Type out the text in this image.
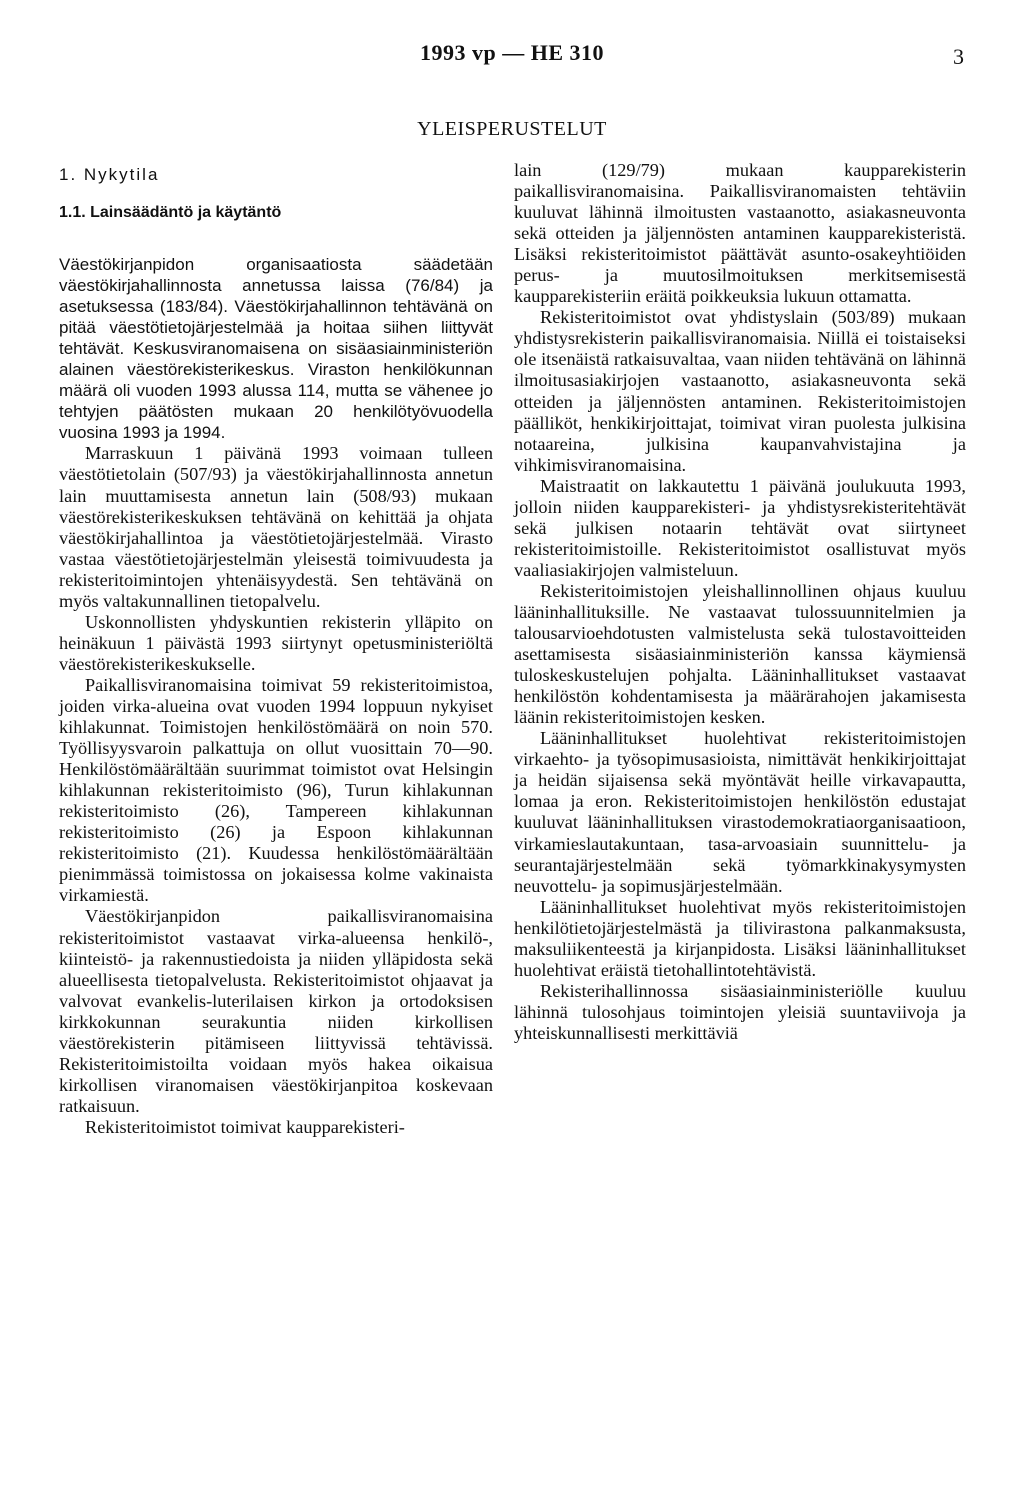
1993 vp — HE 310	3
YLEISPERUSTELUT

1. Nykytila

1.1. Lainsäädäntö ja käytäntö

Väestökirjanpidon organisaatiosta säädetään väestökirjahallinnosta annetussa laissa (76/84) ja asetuksessa (183/84). Väestökirjahallinnon tehtävänä on pitää väestötietojärjestelmää ja hoitaa siihen liittyvät tehtävät. Keskusviranomaisena on sisäasiainministeriön alainen väestörekisterikeskus. Viraston henkilökunnan määrä oli vuoden 1993 alussa 114, mutta se vähenee jo tehtyjen päätösten mukaan 20 henkilötyövuodella vuosina 1993 ja 1994.

Marraskuun 1 päivänä 1993 voimaan tulleen väestötietolain (507/93) ja väestökirjahallinnosta annetun lain muuttamisesta annetun lain (508/93) mukaan väestörekisterikeskuksen tehtävänä on kehittää ja ohjata väestökirjahallintoa ja väestötietojärjestelmää. Virasto vastaa väestötietojärjestelmän yleisestä toimivuudesta ja rekisteritoimintojen yhtenäisyydestä. Sen tehtävänä on myös valtakunnallinen tietopalvelu.

Uskonnollisten yhdyskuntien rekisterin ylläpito on heinäkuun 1 päivästä 1993 siirtynyt opetusministeriöltä väestörekisterikeskukselle.

Paikallisviranomaisina toimivat 59 rekisteritoimistoa, joiden virka-alueina ovat vuoden 1994 loppuun nykyiset kihlakunnat. Toimistojen henkilöstömäärä on noin 570. Työllisyysvaroin palkattuja on ollut vuosittain 70—90. Henkilöstömäärältään suurimmat toimistot ovat Helsingin kihlakunnan rekisteritoimisto (96), Turun kihlakunnan rekisteritoimisto (26), Tampereen kihlakunnan rekisteritoimisto (26) ja Espoon kihlakunnan rekisteritoimisto (21). Kuudessa henkilöstömäärältään pienimmässä toimistossa on jokaisessa kolme vakinaista virkamiestä.

Väestökirjanpidon paikallisviranomaisina rekisteritoimistot vastaavat virka-alueensa henkilö-, kiinteistö- ja rakennustiedoista ja niiden ylläpidosta sekä alueellisesta tietopalvelusta. Rekisteritoimistot ohjaavat ja valvovat evankelis-luterilaisen kirkon ja ortodoksisen kirkkokunnan seurakuntia niiden kirkollisen väestörekisterin pitämiseen liittyvissä tehtävissä. Rekisteritoimistoilta voidaan myös hakea oikaisua kirkollisen viranomaisen väestökirjanpitoa koskevaan ratkaisuun.

Rekisteritoimistot toimivat kaupparekisteri-

lain (129/79) mukaan kaupparekisterin paikallisviranomaisina. Paikallisviranomaisten tehtäviin kuuluvat lähinnä ilmoitusten vastaanotto, asiakasneuvonta sekä otteiden ja jäljennösten antaminen kaupparekisteristä. Lisäksi rekisteritoimistot päättävät asunto-osakeyhtiöiden perus- ja muutosilmoituksen merkitsemisestä kaupparekisteriin eräitä poikkeuksia lukuun ottamatta.

Rekisteritoimistot ovat yhdistyslain (503/89) mukaan yhdistysrekisterin paikallisviranomaisia. Niillä ei toistaiseksi ole itsenäistä ratkaisuvaltaa, vaan niiden tehtävänä on lähinnä ilmoitusasiakirjojen vastaanotto, asiakasneuvonta sekä otteiden ja jäljennösten antaminen. Rekisteritoimistojen päälliköt, henkikirjoittajat, toimivat viran puolesta julkisina notaareina, julkisina kaupanvahvistajina ja vihkimisviranomaisina.

Maistraatit on lakkautettu 1 päivänä joulukuuta 1993, jolloin niiden kaupparekisteri- ja yhdistysrekisteritehtävät sekä julkisen notaarin tehtävät ovat siirtyneet rekisteritoimistoille. Rekisteritoimistot osallistuvat myös vaaliasiakirjojen valmisteluun.

Rekisteritoimistojen yleishallinnollinen ohjaus kuuluu lääninhallituksille. Ne vastaavat tulossuunnitelmien ja talousarvioehdotusten valmistelusta sekä tulostavoitteiden asettamisesta sisäasiainministeriön kanssa käymiensä tuloskeskustelujen pohjalta. Lääninhallitukset vastaavat henkilöstön kohdentamisesta ja määrärahojen jakamisesta läänin rekisteritoimistojen kesken.

Lääninhallitukset huolehtivat rekisteritoimistojen virkaehto- ja työsopimusasioista, nimittävät henkikirjoittajat ja heidän sijaisensa sekä myöntävät heille virkavapautta, lomaa ja eron. Rekisteritoimistojen henkilöstön edustajat kuuluvat lääninhallituksen virastodemokratiaorganisaatioon, virkamieslautakuntaan, tasa-arvoasiain suunnittelu- ja seurantajärjestelmään sekä työmarkkinakysymysten neuvottelu- ja sopimusjärjestelmään.

Lääninhallitukset huolehtivat myös rekisteritoimistojen henkilötietojärjestelmästä ja tilivirastona palkanmaksusta, maksuliikenteestä ja kirjanpidosta. Lisäksi lääninhallitukset huolehtivat eräistä tietohallintotehtävistä.

Rekisterihallinnossa sisäasiainministeriölle kuuluu lähinnä tulosohjaus toimintojen yleisiä suuntaviivoja ja yhteiskunnallisesti merkittäviä
